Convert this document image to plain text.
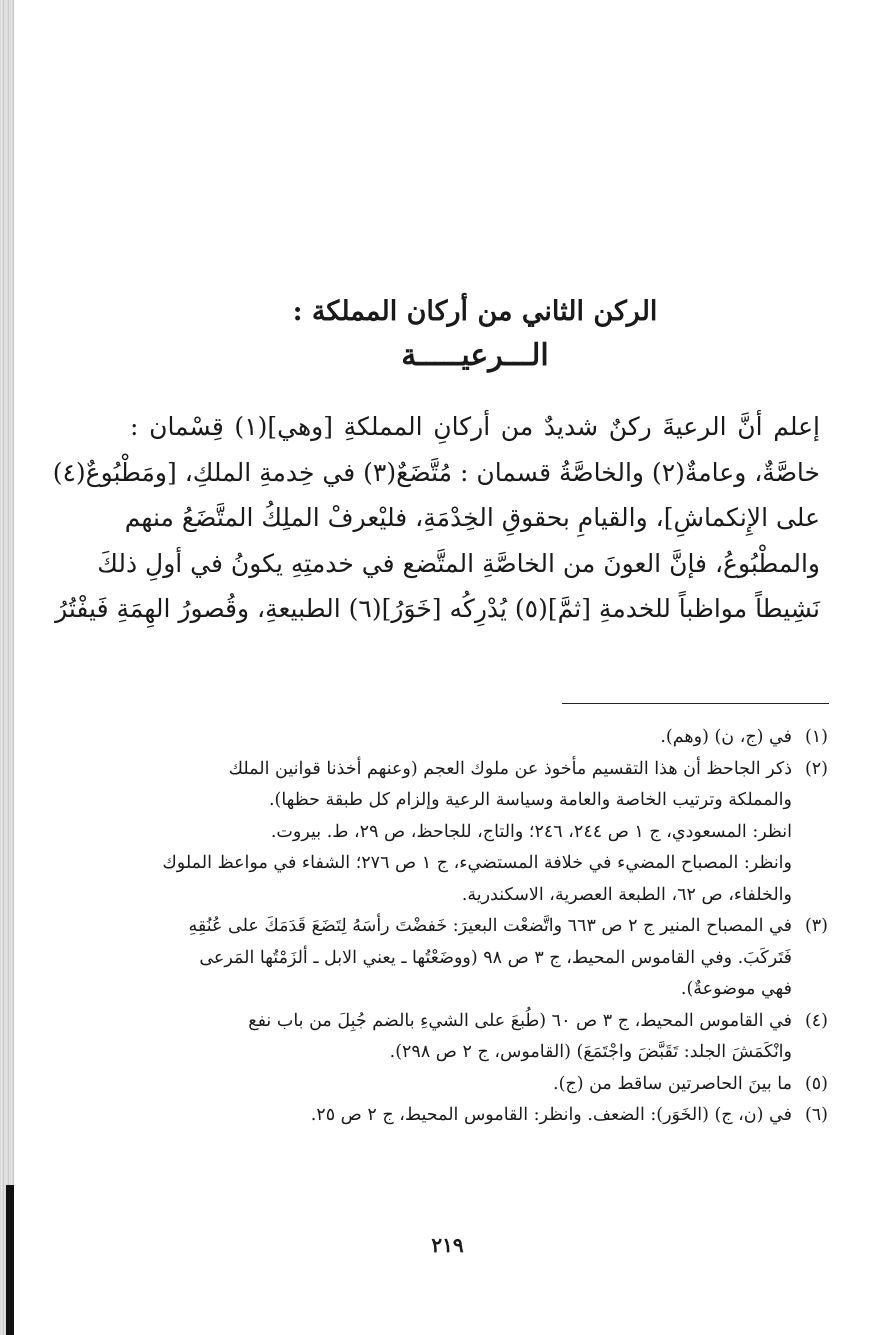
الركن الثاني من أركان المملكة :
الـــرعيـــــة

إعلم أنَّ الرعيةَ ركنٌ شديدٌ من أركانِ المملكةِ [وهي](١) قِسْمان :
خاصَّةٌ، وعامةٌ(٢) والخاصَّةُ قسمان : مُتَّضَعٌ(٣) في خِدمةِ الملكِ، [ومَطْبُوعٌ(٤)
على الإِنكماشِ]، والقيامِ بحقوقِ الخِدْمَةِ، فليْعرفْ الملِكُ المتَّضَعُ منهم
والمطْبُوعُ، فإنَّ العونَ من الخاصَّةِ المتَّضع في خدمتِهِ يكونُ في أولِ ذلكَ
نَشِيطاً مواظباً للخدمةِ [ثمَّ](٥) يُدْرِكُه [خَوَرُ](٦) الطبيعةِ، وقُصورُ الهِمَةِ فَيفْتُرُ

(١)
في (ج، ن) (وهم).
(٢)
ذكر الجاحظ أن هذا التقسيم مأخوذ عن ملوك العجم (وعنهم أخذنا قوانين الملك
والمملكة وترتيب الخاصة والعامة وسياسة الرعية وإلزام كل طبقة حظها).
انظر: المسعودي، ج ١ ص ٢٤٤، ٢٤٦؛ والتاج، للجاحظ، ص ٢٩، ط. بيروت.
وانظر: المصباح المضيء في خلافة المستضيء، ج ١ ص ٢٧٦؛ الشفاء في مواعظ الملوك
والخلفاء، ص ٦٢، الطبعة العصرية، الاسكندرية.
(٣)
في المصباح المنير ج ٢ ص ٦٦٣ واتَّضعْت البعيرَ: خَفضْتَ رأسَهُ لِتَضَعَ قَدَمَكَ على عُنُقِهِ
فَتَركَبَ. وفي القاموس المحيط، ج ٣ ص ٩٨ (ووضَعْتُها ـ يعني الابل ـ ألزَمْتُها المَرعى
فهي موضوعةٌ).
(٤)
في القاموس المحيط، ج ٣ ص ٦٠ (طُبعَ على الشيءِ بالضم جُبِلَ من باب نفع
وانْكَمَشَ الجلد: تَقَبَّضَ واجْتَمَعَ) (القاموس، ج ٢ ص ٢٩٨).
(٥)
ما بينَ الحاصرتين ساقط من (ج).
(٦)
في (ن، ج) (الخَوَر): الضعف. وانظر: القاموس المحيط، ج ٢ ص ٢٥.
٢١٩
